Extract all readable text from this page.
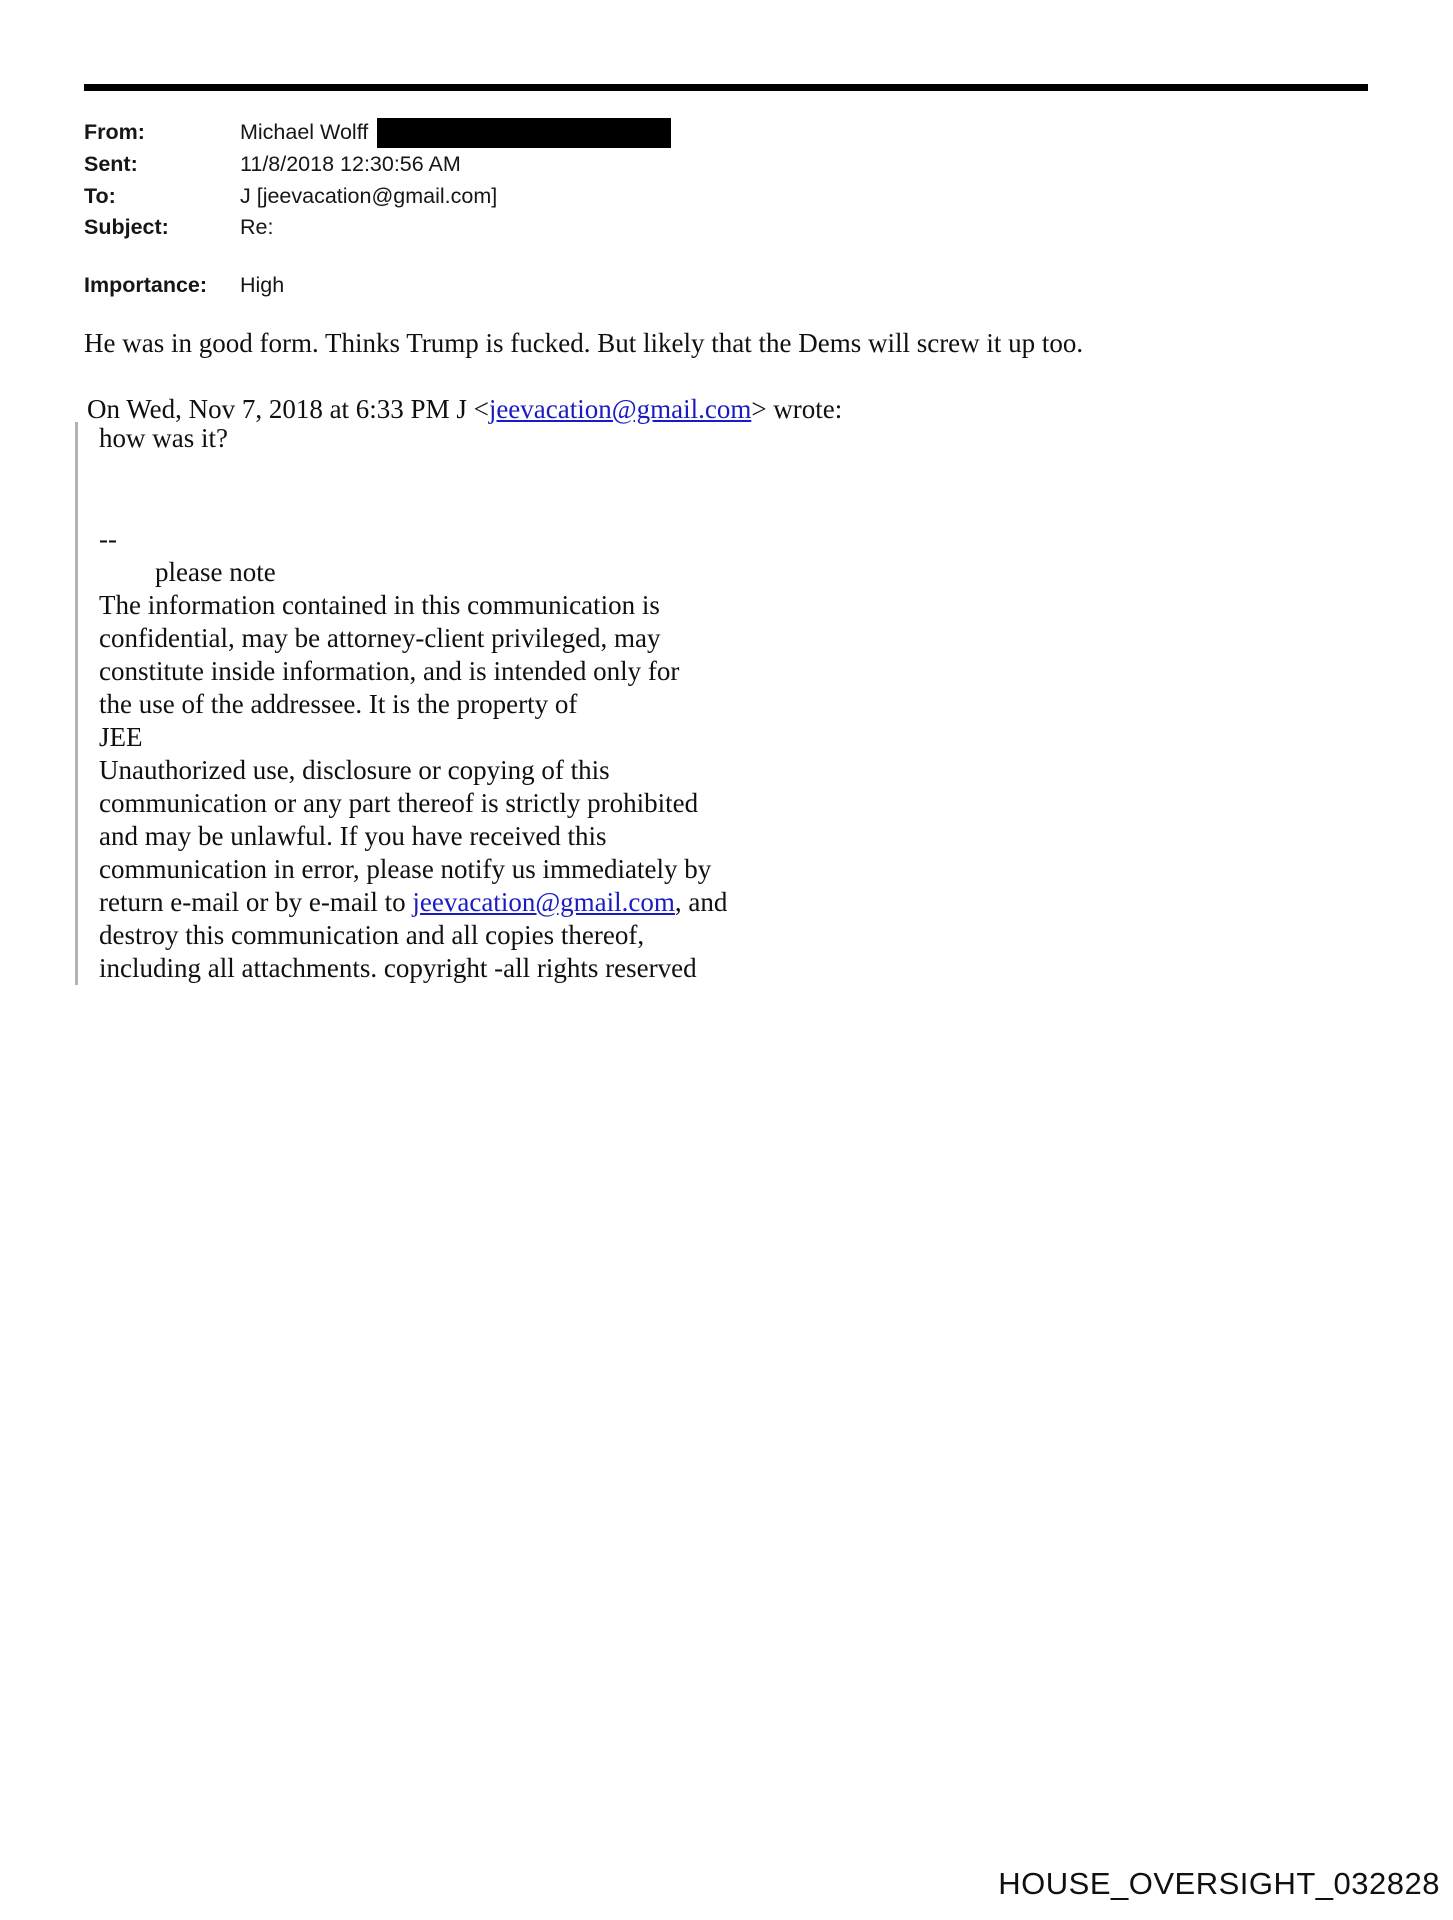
From:	Michael Wolff
Sent:	11/8/2018 12:30:56 AM
To:	J [jeevacation@gmail.com]
Subject:	Re:
Importance:	High
He was in good form. Thinks Trump is fucked. But likely that the Dems will screw it up too.
On Wed, Nov 7, 2018 at 6:33 PM J <jeevacation@gmail.com> wrote:
how was it?
--
please note
The information contained in this communication is
confidential, may be attorney-client privileged, may
constitute inside information, and is intended only for
the use of the addressee. It is the property of
JEE
Unauthorized use, disclosure or copying of this
communication or any part thereof is strictly prohibited
and may be unlawful. If you have received this
communication in error, please notify us immediately by
return e-mail or by e-mail to jeevacation@gmail.com, and
destroy this communication and all copies thereof,
including all attachments. copyright -all rights reserved
HOUSE_OVERSIGHT_032828
